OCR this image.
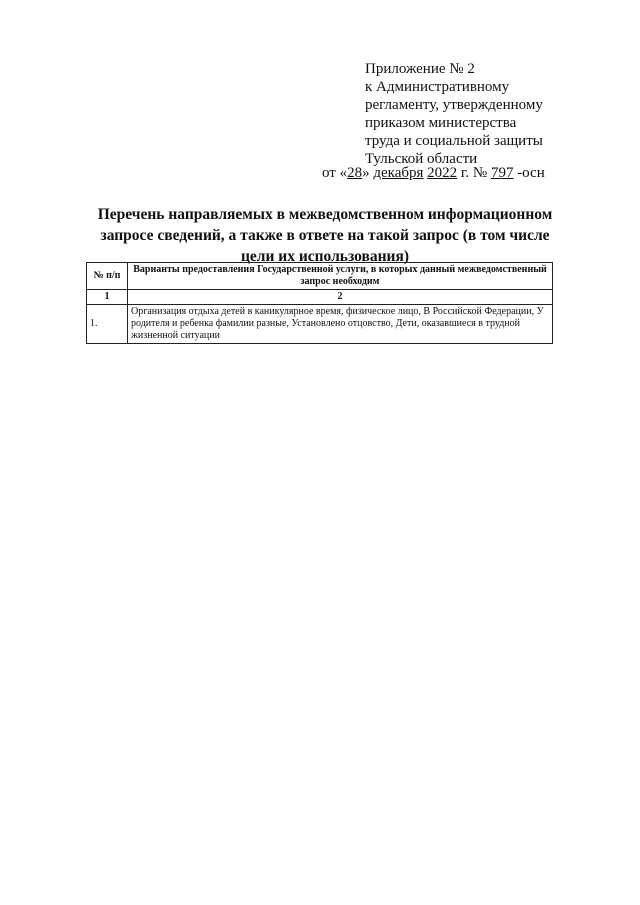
Приложение № 2
к Административному
регламенту, утвержденному
приказом министерства
труда и социальной защиты
Тульской области
от «28» декабря 2022 г. № 797 -осн
Перечень направляемых в межведомственном информационном запросе сведений, а также в ответе на такой запрос (в том числе цели их использования)
№ п/п	Варианты предоставления Государственной услуги, в которых данный межведомственный запрос необходим
1	2
1.	Организация отдыха детей в каникулярное время, физическое лицо, В Российской Федерации, У родителя и ребенка фамилии разные, Установлено отцовство, Дети, оказавшиеся в трудной жизненной ситуации
